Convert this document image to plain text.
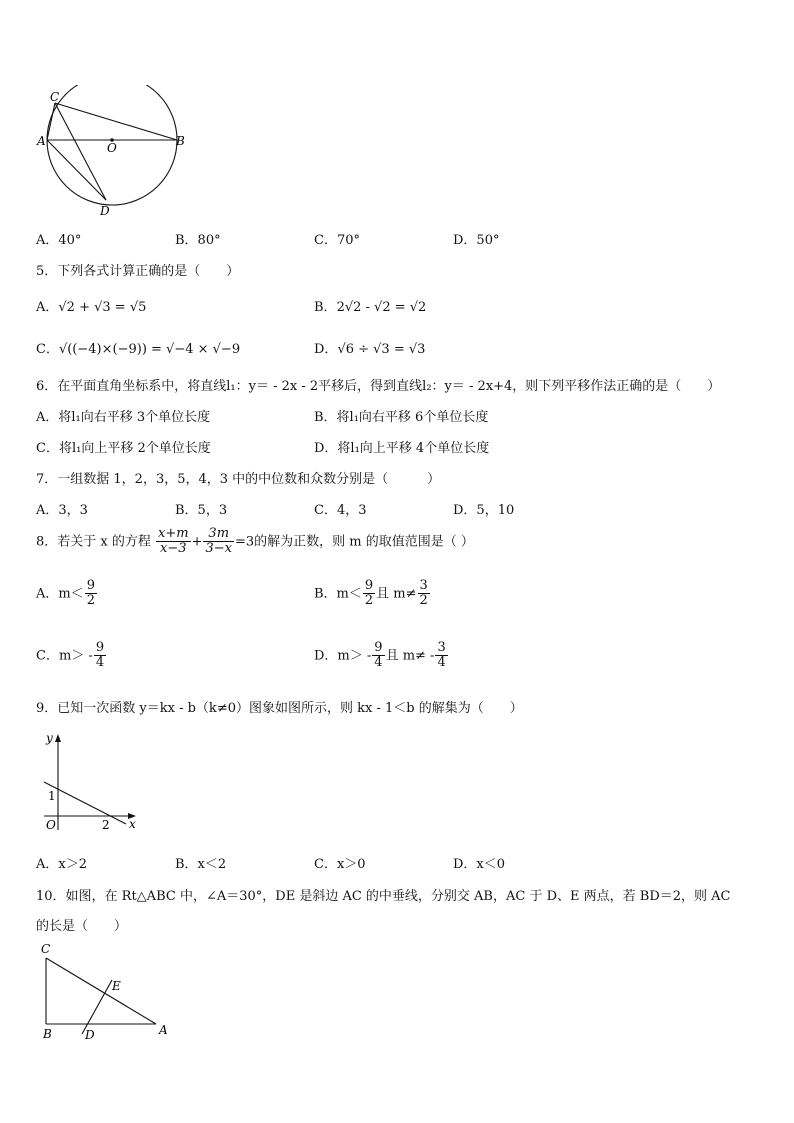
C
A	O	B
D
A．40°	B．80°	C．70°	D．50°
5．下列各式计算正确的是（　　）
A．√2 + √3 = √5	B．2√2 - √2 = √2
C．√((−4)×(−9)) = √−4 × √−9	D．√6 ÷ √3 = √3
6．在平面直角坐标系中，将直线l₁：y＝ - 2x - 2平移后，得到直线l₂：y＝ - 2x+4，则下列平移作法正确的是（　　）
A．将l₁向右平移 3个单位长度	B．将l₁向右平移 6个单位长度
C．将l₁向上平移 2个单位长度	D．将l₁向上平移 4个单位长度
7．一组数据 1，2，3，5，4，3 中的中位数和众数分别是（　　　）
A．3，3	B．5，3	C．4，3	D．5，10
8．若关于 x 的方程 $\frac{x+m}{x-3} + \frac{3m}{3-x} =3$的解为正数，则 m 的取值范围是（ ）
A．$m< \frac{9}{2}$	B．$m< \frac{9}{2}$ 且 $m\ne \frac{3}{2}$
C．$m> - \frac{9}{4}$	D．$m> - \frac{9}{4}$ 且 $m\ne - \frac{3}{4}$
9．已知一次函数 y＝kx - b（k≠0）图象如图所示，则 kx - 1＜b 的解集为（　　）
y
x
O
1
2
A．x＞2	B．x＜2	C．x＞0	D．x＜0
10．如图，在 Rt△ABC 中，∠A＝30°，DE 是斜边 AC 的中垂线，分别交 AB，AC 于 D、E 两点，若 BD＝2，则 AC
的长是（　　）
C
E
B	D	A
